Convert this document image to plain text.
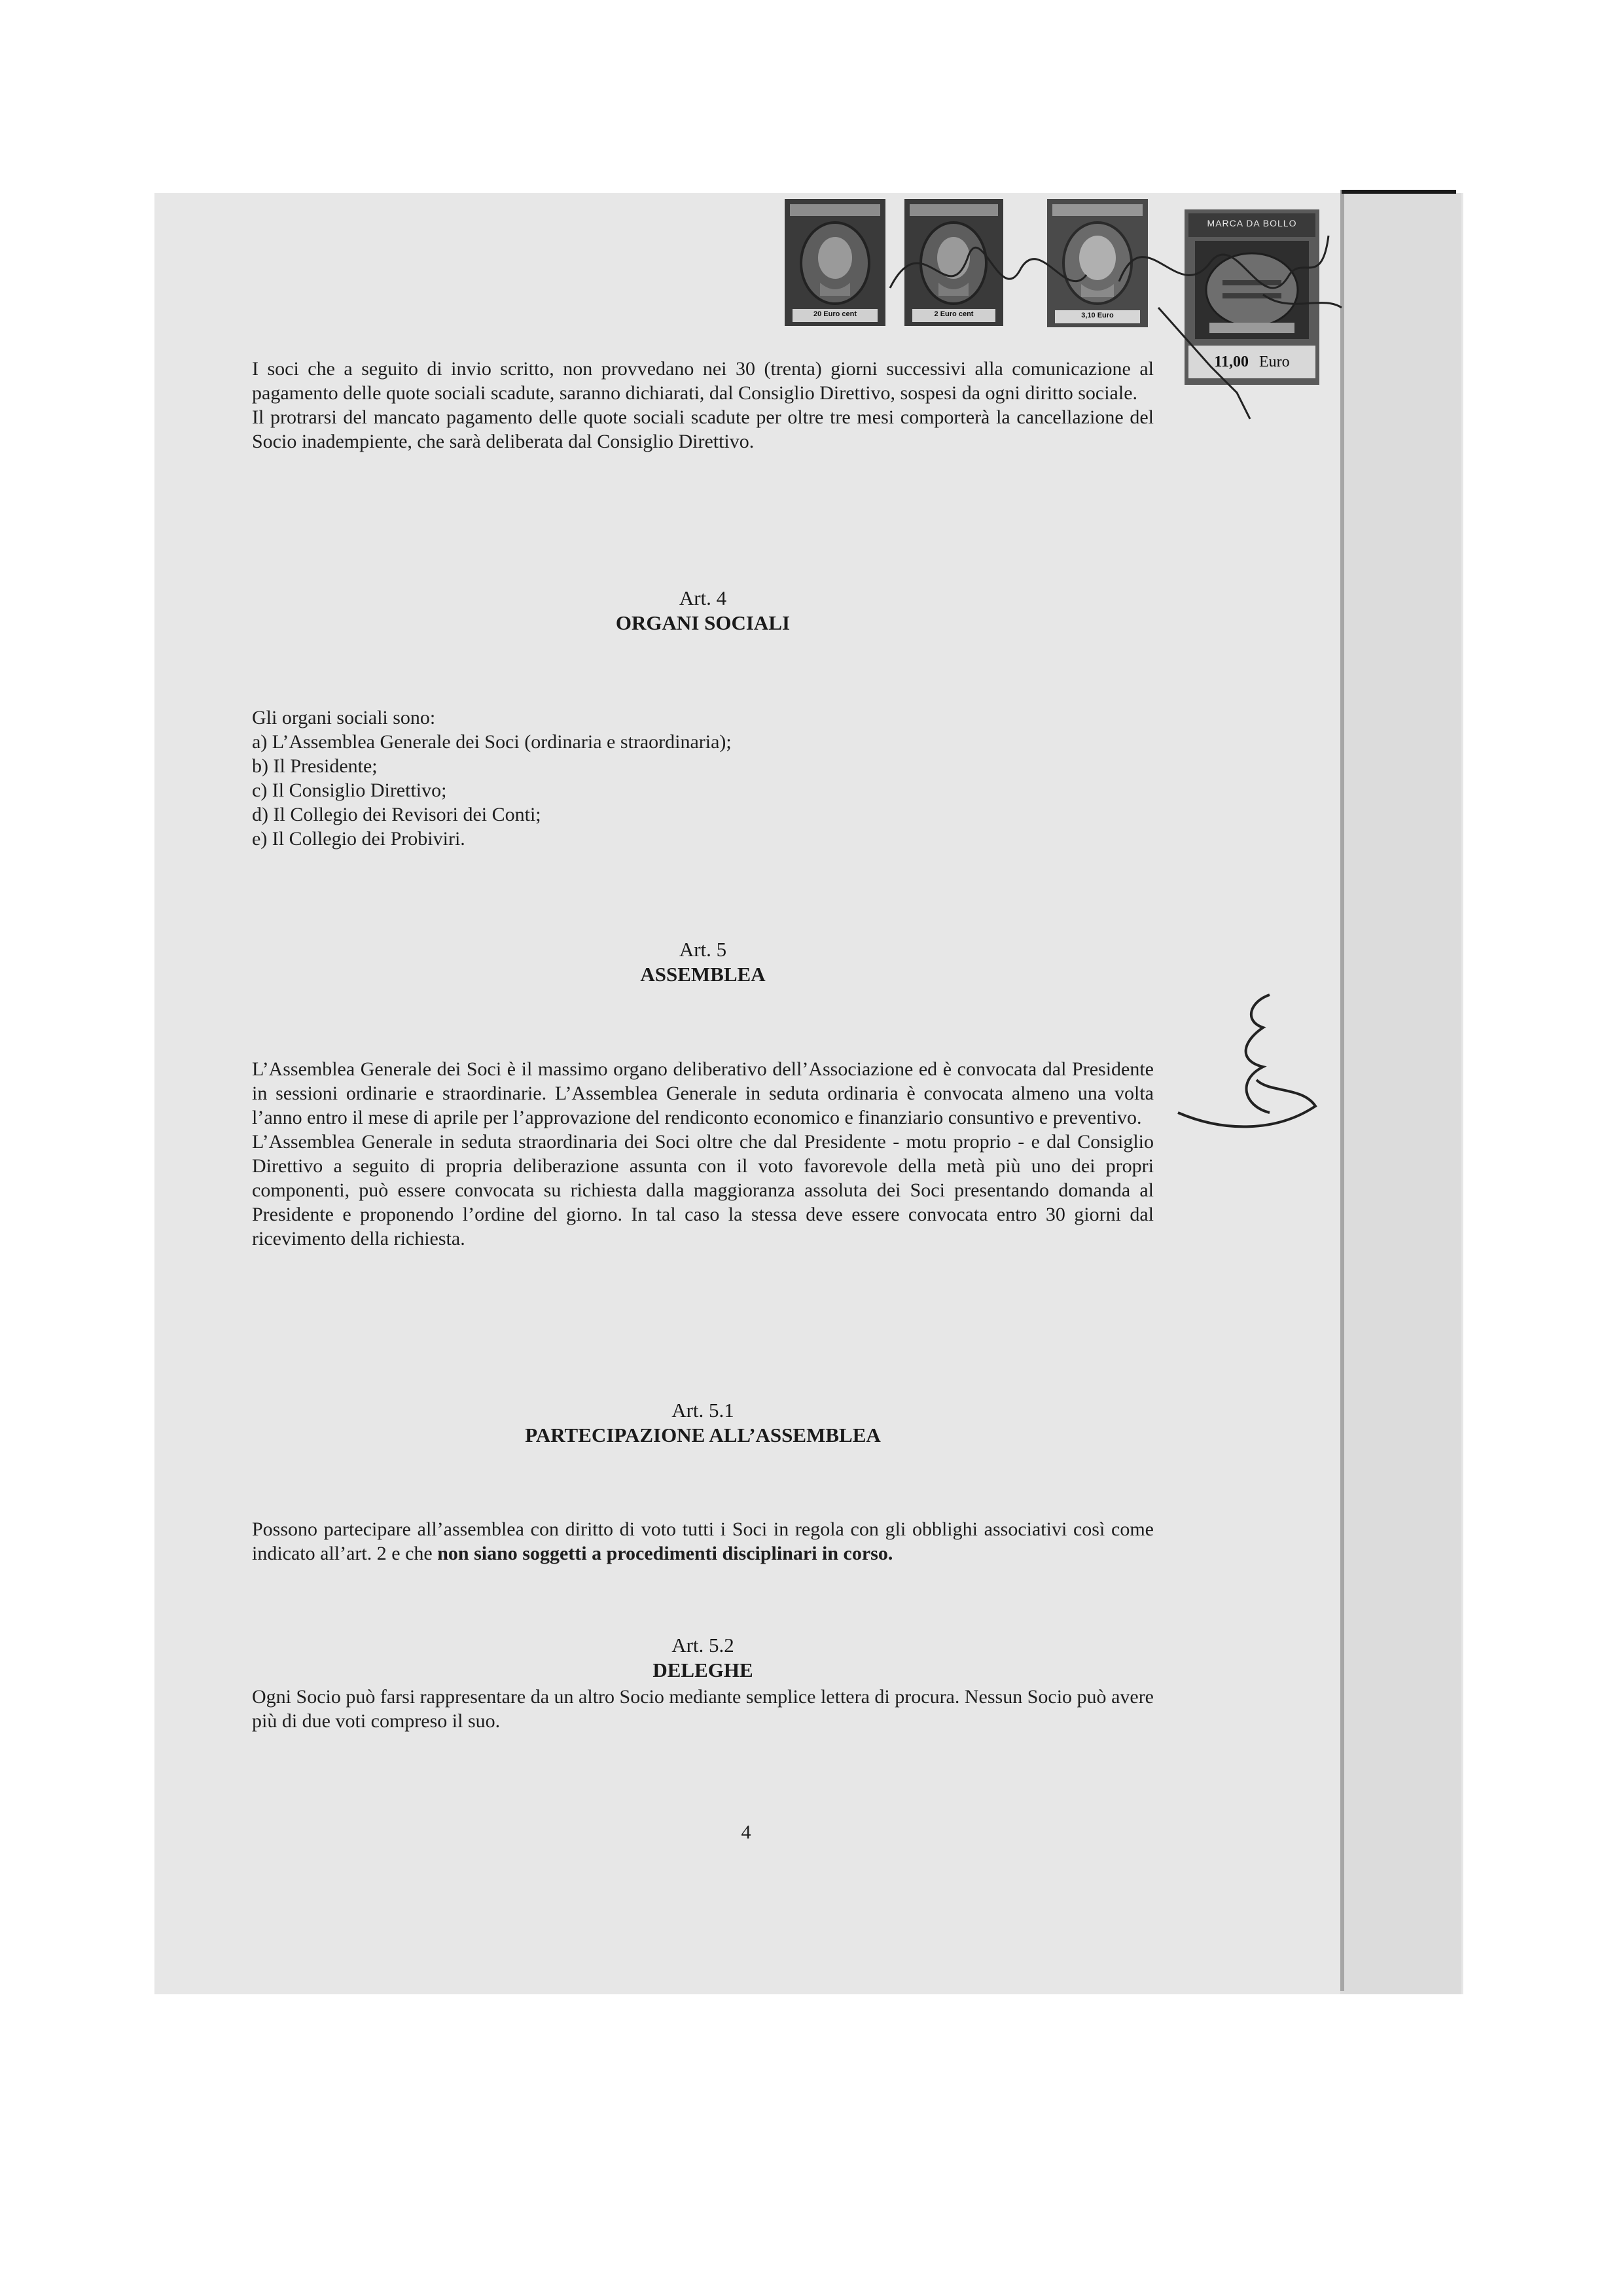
20 Euro cent	2 Euro cent	3,10 Euro
MARCA DA BOLLO
11,00 Euro

I soci che a seguito di invio scritto, non provvedano nei 30 (trenta) giorni successivi alla comunicazione al pagamento delle quote sociali scadute, saranno dichiarati, dal Consiglio Direttivo, sospesi da ogni diritto sociale.

Il protrarsi del mancato pagamento delle quote sociali scadute per oltre tre mesi comporterà la cancellazione del Socio inadempiente, che sarà deliberata dal Consiglio Direttivo.

Art. 4
ORGANI SOCIALI

Gli organi sociali sono:

a) L’Assemblea Generale dei Soci (ordinaria e straordinaria);
b) Il Presidente;
c) Il Consiglio Direttivo;
d) Il Collegio dei Revisori dei Conti;
e) Il Collegio dei Probiviri.
Art. 5
ASSEMBLEA

L’Assemblea Generale dei Soci è il massimo organo deliberativo dell’Associazione ed è convocata dal Presidente in sessioni ordinarie e straordinarie. L’Assemblea Generale in seduta ordinaria è convocata almeno una volta l’anno entro il mese di aprile per l’approvazione del rendiconto economico e finanziario consuntivo e preventivo.

L’Assemblea Generale in seduta straordinaria dei Soci oltre che dal Presidente - motu proprio - e dal Consiglio Direttivo a seguito di propria deliberazione assunta con il voto favorevole della metà più uno dei propri componenti, può essere convocata su richiesta dalla maggioranza assoluta dei Soci presentando domanda al Presidente e proponendo l’ordine del giorno. In tal caso la stessa deve essere convocata entro 30 giorni dal ricevimento della richiesta.

Art. 5.1
PARTECIPAZIONE ALL’ASSEMBLEA

Possono partecipare all’assemblea con diritto di voto tutti i Soci in regola con gli obblighi associativi così come indicato all’art. 2 e che non siano soggetti a procedimenti disciplinari in corso.

Art. 5.2
DELEGHE

Ogni Socio può farsi rappresentare da un altro Socio mediante semplice lettera di procura. Nessun Socio può avere più di due voti compreso il suo.

4
